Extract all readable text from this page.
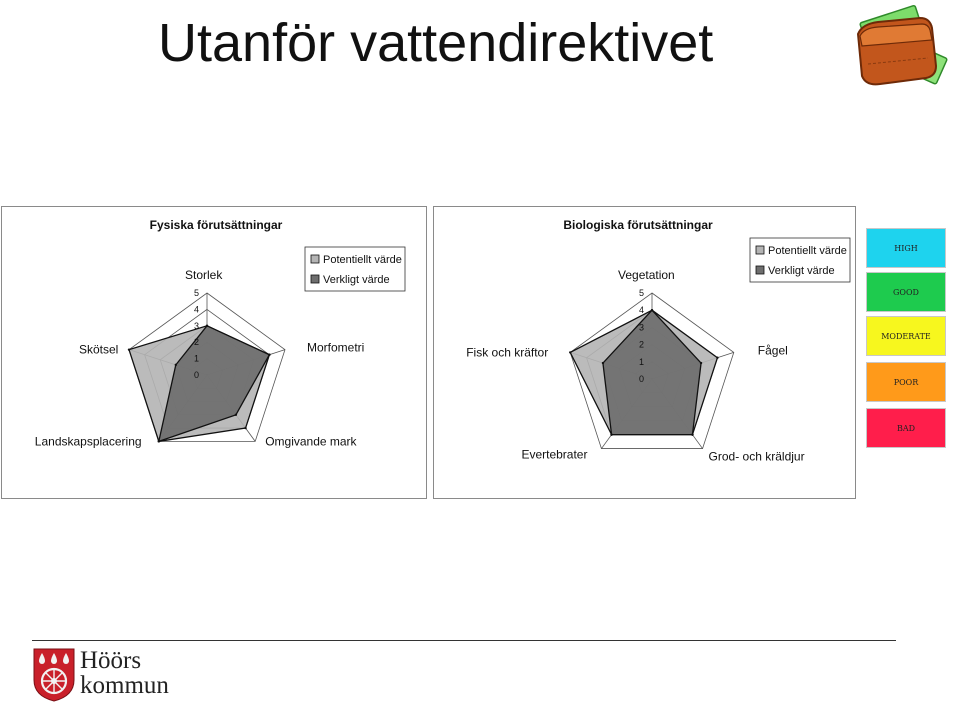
Utanför vattendirektivet
Fysiska förutsättningar
0
1
2
3
4
5
Storlek
Morfometri
Omgivande mark
Landskapsplacering
Skötsel
Potentiellt värde
Verkligt värde
Biologiska förutsättningar
0
1
2
3
4
5
Vegetation
Fågel
Grod- och kräldjur
Evertebrater
Fisk och kräftor
Potentiellt värde
Verkligt värde
HIGH
GOOD
MODERATE
POOR
BAD
Höörs
kommun
